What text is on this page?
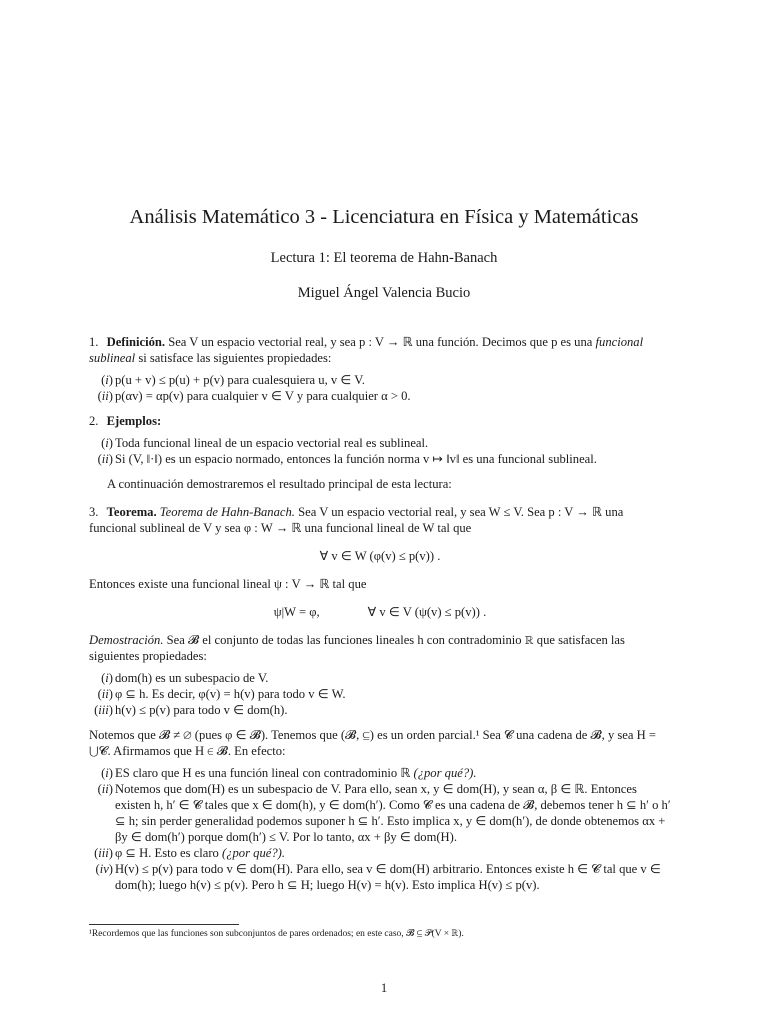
Análisis Matemático 3 - Licenciatura en Física y Matemáticas
Lectura 1: El teorema de Hahn-Banach
Miguel Ángel Valencia Bucio

1. Definición. Sea V un espacio vectorial real, y sea p : V → ℝ una función. Decimos que p es una funcional sublineal si satisface las siguientes propiedades:

( i ) p(u + v) ≤ p(u) + p(v) para cualesquiera u, v ∈ V.
( ii ) p(αv) = αp(v) para cualquier v ∈ V y para cualquier α > 0.

2. Ejemplos:

( i ) Toda funcional lineal de un espacio vectorial real es sublineal.
( ii ) Si (V, ‖·‖) es un espacio normado, entonces la función norma v ↦ ‖v‖ es una funcional sublineal.

A continuación demostraremos el resultado principal de esta lectura:

3. Teorema. Teorema de Hahn-Banach. Sea V un espacio vectorial real, y sea W ≤ V. Sea p : V → ℝ una funcional sublineal de V y sea φ : W → ℝ una funcional lineal de W tal que

∀ v ∈ W (φ(v) ≤ p(v)) .

Entonces existe una funcional lineal ψ : V → ℝ tal que

ψ|W = φ,	∀ v ∈ V (ψ(v) ≤ p(v)) .

Demostración. Sea 𝓑 el conjunto de todas las funciones lineales h con contradominio ℝ que satisfacen las siguientes propiedades:

( i ) dom(h) es un subespacio de V.
( ii ) φ ⊆ h. Es decir, φ(v) = h(v) para todo v ∈ W.
( iii ) h(v) ≤ p(v) para todo v ∈ dom(h).

Notemos que 𝓑 ≠ ∅ (pues φ ∈ 𝓑). Tenemos que (𝓑, ⊆) es un orden parcial.¹ Sea 𝓒 una cadena de 𝓑, y sea H = ⋃𝓒. Afirmamos que H ∈ 𝓑. En efecto:

( i ) ES claro que H es una función lineal con contradominio ℝ (¿por qué?).
( ii ) Notemos que dom(H) es un subespacio de V. Para ello, sean x, y ∈ dom(H), y sean α, β ∈ ℝ. Entonces existen h, h′ ∈ 𝓒 tales que x ∈ dom(h), y ∈ dom(h′). Como 𝓒 es una cadena de 𝓑, debemos tener h ⊆ h′ o h′ ⊆ h; sin perder generalidad podemos suponer h ⊆ h′. Esto implica x, y ∈ dom(h′), de donde obtenemos αx + βy ∈ dom(h′) porque dom(h′) ≤ V. Por lo tanto, αx + βy ∈ dom(H).
( iii ) φ ⊆ H. Esto es claro (¿por qué?).
( iv ) H(v) ≤ p(v) para todo v ∈ dom(H). Para ello, sea v ∈ dom(H) arbitrario. Entonces existe h ∈ 𝓒 tal que v ∈ dom(h); luego h(v) ≤ p(v). Pero h ⊆ H; luego H(v) = h(v). Esto implica H(v) ≤ p(v).
¹Recordemos que las funciones son subconjuntos de pares ordenados; en este caso, 𝓑 ⊆ 𝒫(V × ℝ).
1
